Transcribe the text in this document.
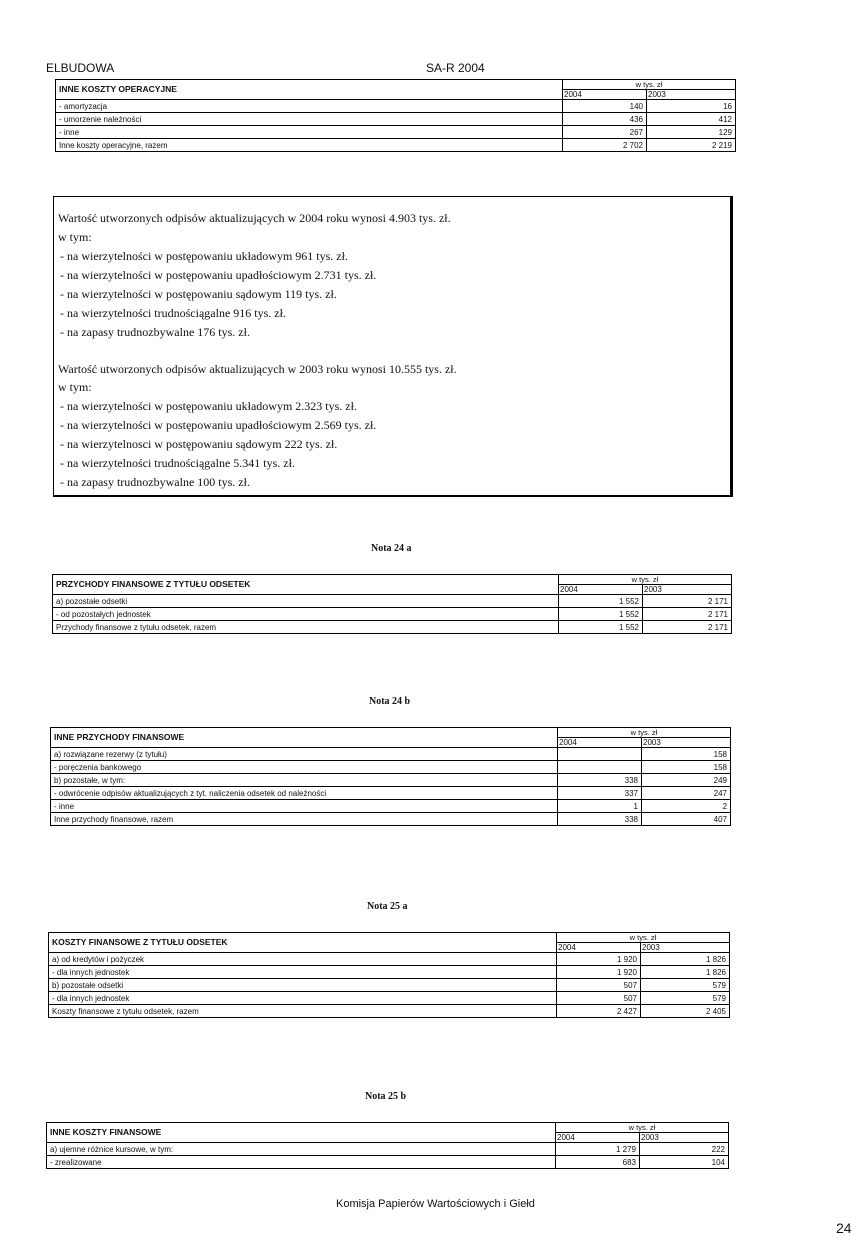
ELBUDOWA	SA-R 2004
INNE KOSZTY OPERACYJNE	w tys. zł	
	2004	2003
- amortyzacja	140	16
- umorzenie należności	436	412
- inne	267	129
Inne koszty operacyjne, razem	2 702	2 219
Wartość utworzonych odpisów aktualizujących w 2004 roku wynosi 4.903 tys. zł.
w tym:
- na wierzytelności w postępowaniu układowym 961 tys. zł.
- na wierzytelności w postępowaniu upadłościowym 2.731 tys. zł.
- na wierzytelności w postępowaniu sądowym 119 tys. zł.
- na wierzytelności trudnościągalne 916 tys. zł.
- na zapasy trudnozbywalne 176 tys. zł.
Wartość utworzonych odpisów aktualizujących w 2003 roku wynosi 10.555 tys. zł.
w tym:
- na wierzytelności w postępowaniu układowym 2.323 tys. zł.
- na wierzytelności w postępowaniu upadłościowym 2.569 tys. zł.
- na wierzytelnosci w postępowaniu sądowym 222 tys. zł.
- na wierzytelności trudnościągalne 5.341 tys. zł.
- na zapasy trudnozbywalne 100 tys. zł.
Nota 24 a
PRZYCHODY FINANSOWE Z TYTUŁU ODSETEK	w tys. zł	
	2004	2003
a) pozostałe odsetki	1 552	2 171
- od pozostałych jednostek	1 552	2 171
Przychody finansowe z tytułu odsetek, razem	1 552	2 171
Nota 24 b
INNE PRZYCHODY FINANSOWE	w tys. zł	
	2004	2003
a) rozwiązane rezerwy (z tytułu)		158
- poręczenia bankowego		158
b) pozostałe, w tym:	338	249
- odwrócenie odpisów aktualizujących z tyt. naliczenia odsetek od należności	337	247
- inne	1	2
Inne przychody finansowe, razem	338	407
Nota 25 a
KOSZTY FINANSOWE Z TYTUŁU ODSETEK	w tys. zł	
	2004	2003
a) od kredytów i pożyczek	1 920	1 826
- dla innych jednostek	1 920	1 826
b) pozostałe odsetki	507	579
- dla innych jednostek	507	579
Koszty finansowe z tytułu odsetek, razem	2 427	2 405
Nota 25 b
INNE KOSZTY FINANSOWE	w tys. zł	
	2004	2003
a) ujemne różnice kursowe, w tym:	1 279	222
- zrealizowane	683	104
Komisja Papierów Wartościowych i Giełd
24
